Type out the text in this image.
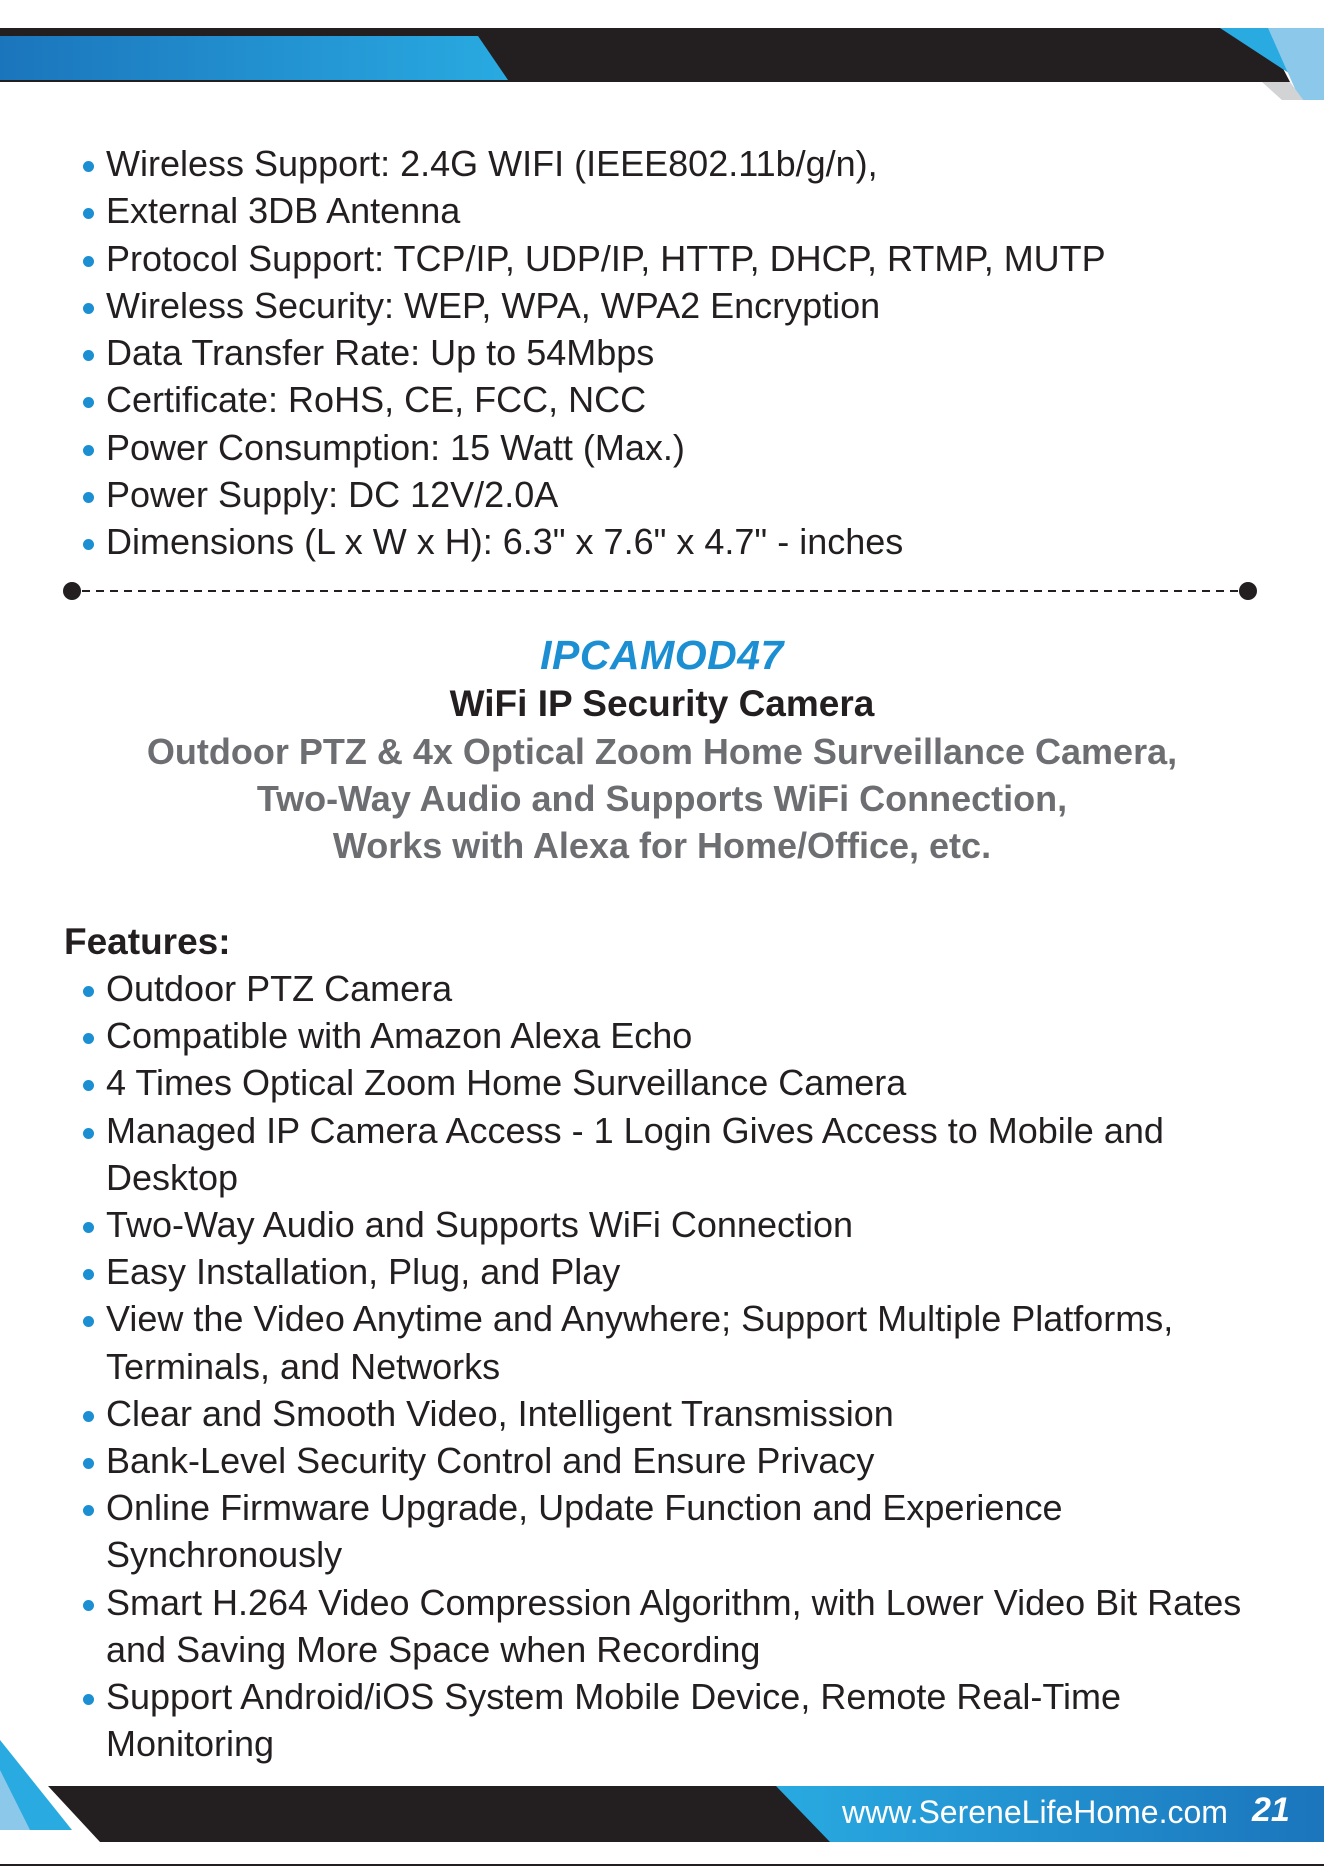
Wireless Support: 2.4G WIFI (IEEE802.11b/g/n),
External 3DB Antenna
Protocol Support: TCP/IP, UDP/IP, HTTP, DHCP, RTMP, MUTP
Wireless Security: WEP, WPA, WPA2 Encryption
Data Transfer Rate: Up to 54Mbps
Certificate: RoHS, CE, FCC, NCC
Power Consumption: 15 Watt (Max.)
Power Supply: DC 12V/2.0A
Dimensions (L x W x H): 6.3" x 7.6" x 4.7" - inches
IPCAMOD47
WiFi IP Security Camera
Outdoor PTZ & 4x Optical Zoom Home Surveillance Camera,
Two-Way Audio and Supports WiFi Connection,
Works with Alexa for Home/Office, etc.
Features:
Outdoor PTZ Camera
Compatible with Amazon Alexa Echo
4 Times Optical Zoom Home Surveillance Camera
Managed IP Camera Access - 1 Login Gives Access to Mobile and Desktop
Two-Way Audio and Supports WiFi Connection
Easy Installation, Plug, and Play
View the Video Anytime and Anywhere; Support Multiple Platforms, Terminals, and Networks
Clear and Smooth Video, Intelligent Transmission
Bank-Level Security Control and Ensure Privacy
Online Firmware Upgrade, Update Function and Experience Synchronously
Smart H.264 Video Compression Algorithm, with Lower Video Bit Rates and Saving More Space when Recording
Support Android/iOS System Mobile Device, Remote Real-Time Monitoring
www.SereneLifeHome.com 21
